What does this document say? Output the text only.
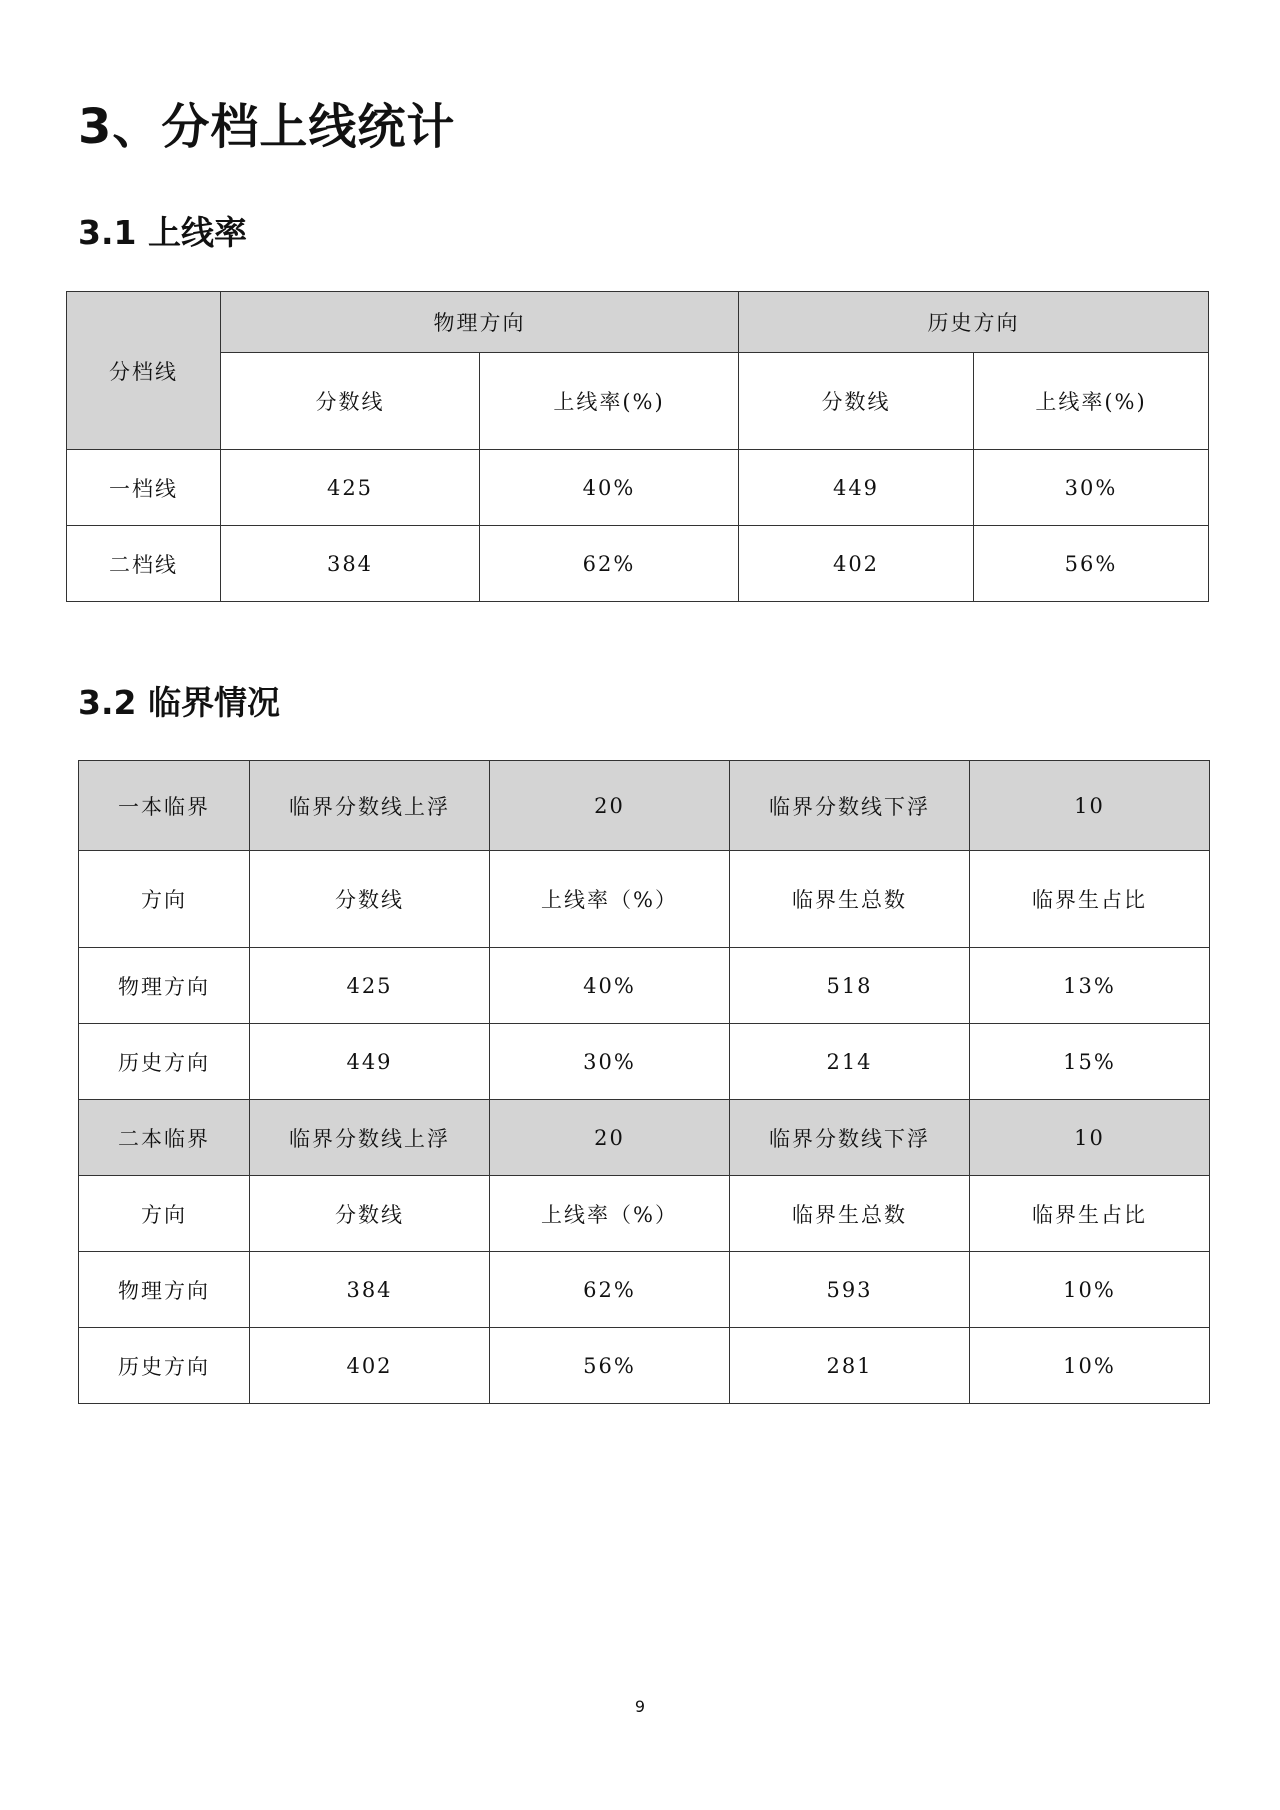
3、分档上线统计
3.1 上线率
分档线	物理方向		历史方向	
	分数线	上线率(%)	分数线	上线率(%)
一档线	425	40%	449	30%
二档线	384	62%	402	56%
3.2 临界情况
一本临界	临界分数线上浮	20	临界分数线下浮	10
方向	分数线	上线率（%）	临界生总数	临界生占比
物理方向	425	40%	518	13%
历史方向	449	30%	214	15%
二本临界	临界分数线上浮	20	临界分数线下浮	10
方向	分数线	上线率（%）	临界生总数	临界生占比
物理方向	384	62%	593	10%
历史方向	402	56%	281	10%
9
